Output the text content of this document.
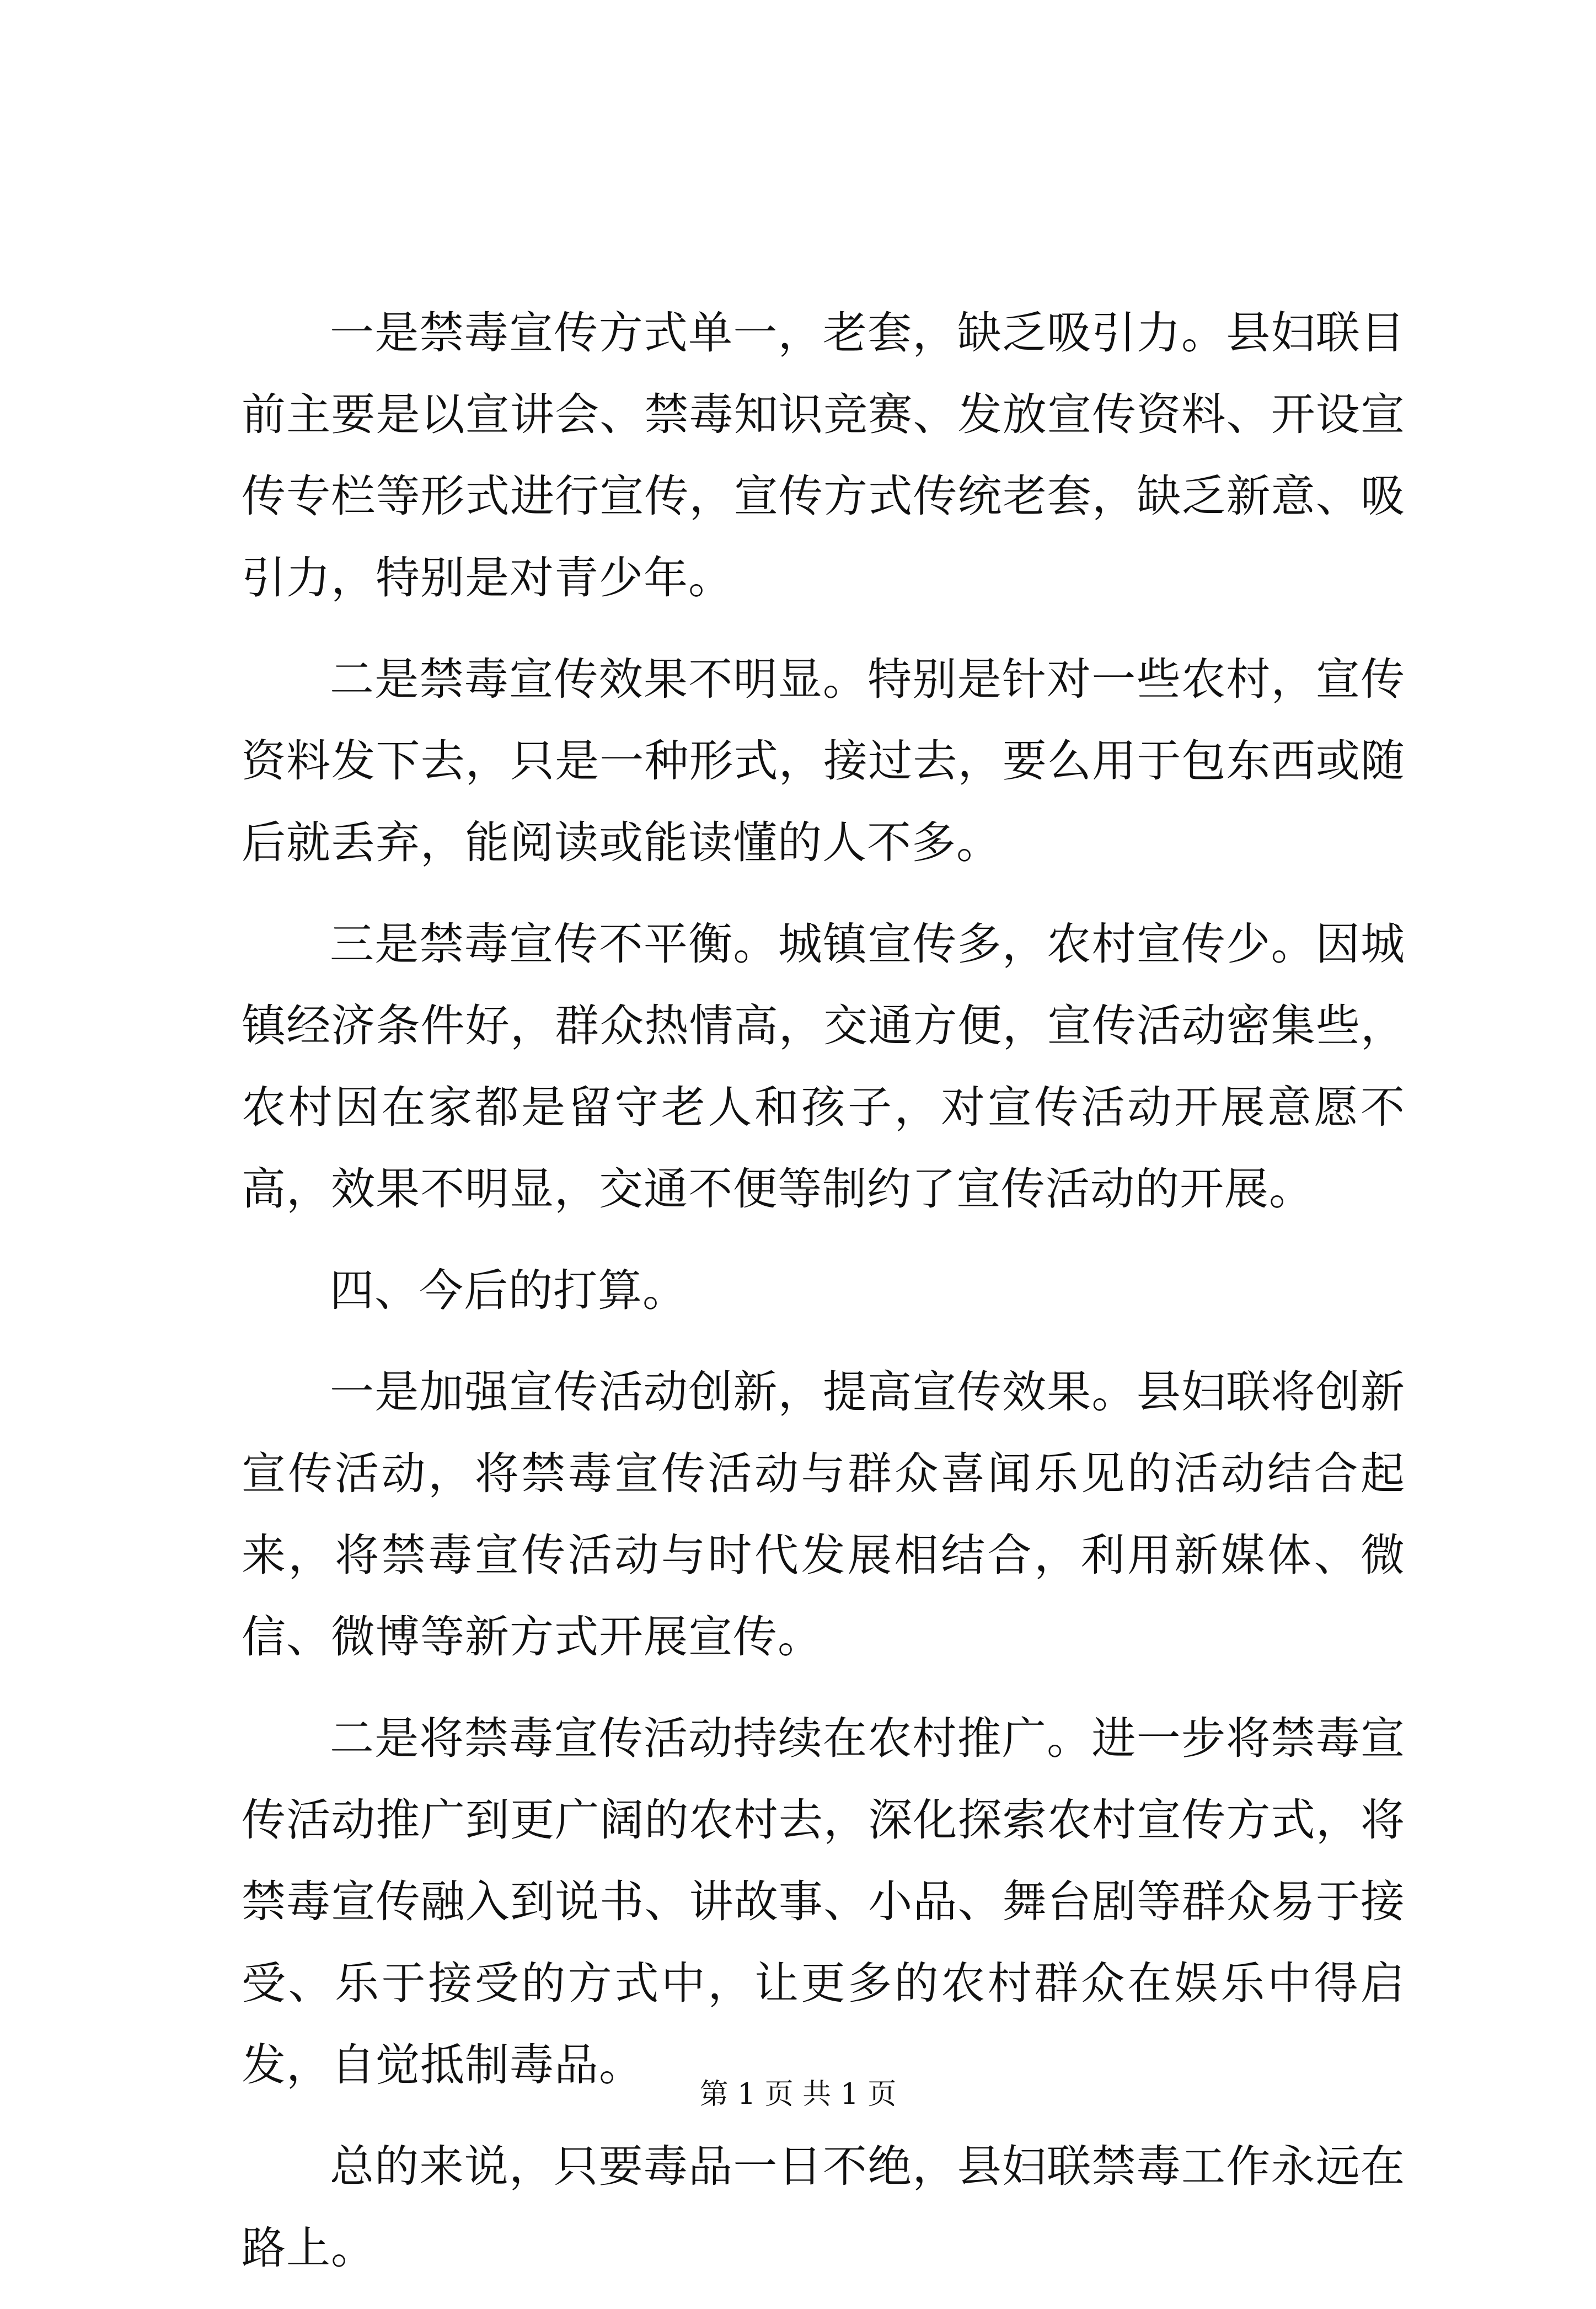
一是禁毒宣传方式单一，老套，缺乏吸引力。县妇联目前主要是以宣讲会、禁毒知识竞赛、发放宣传资料、开设宣传专栏等形式进行宣传，宣传方式传统老套，缺乏新意、吸引力，特别是对青少年。

二是禁毒宣传效果不明显。特别是针对一些农村，宣传资料发下去，只是一种形式，接过去，要么用于包东西或随后就丢弃，能阅读或能读懂的人不多。

三是禁毒宣传不平衡。城镇宣传多，农村宣传少。因城镇经济条件好，群众热情高，交通方便，宣传活动密集些，农村因在家都是留守老人和孩子，对宣传活动开展意愿不高，效果不明显，交通不便等制约了宣传活动的开展。

四、今后的打算。

一是加强宣传活动创新，提高宣传效果。县妇联将创新宣传活动，将禁毒宣传活动与群众喜闻乐见的活动结合起来，将禁毒宣传活动与时代发展相结合，利用新媒体、微信、微博等新方式开展宣传。

二是将禁毒宣传活动持续在农村推广。进一步将禁毒宣传活动推广到更广阔的农村去，深化探索农村宣传方式，将禁毒宣传融入到说书、讲故事、小品、舞台剧等群众易于接受、乐于接受的方式中，让更多的农村群众在娱乐中得启发，自觉抵制毒品。

总的来说，只要毒品一日不绝，县妇联禁毒工作永远在路上。

第 1 页 共 1 页
